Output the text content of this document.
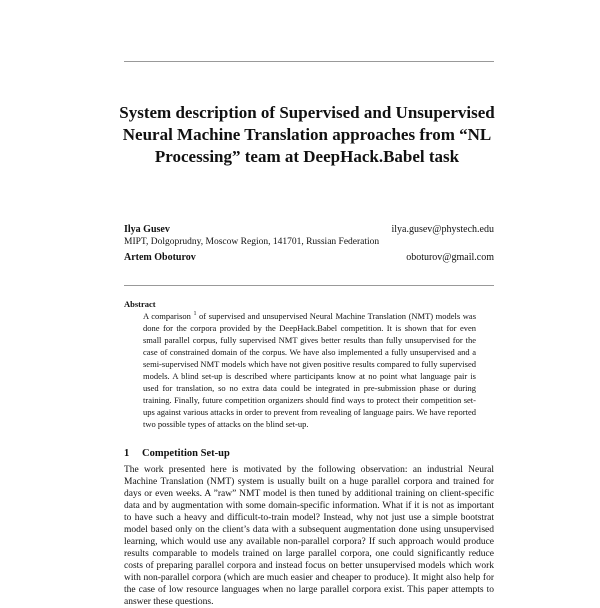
System description of Supervised and Unsupervised Neural Machine Translation approaches from “NL Processing” team at DeepHack.Babel task
Ilya Gusev	ilya.gusev@phystech.edu
MIPT, Dolgoprudny, Moscow Region, 141701, Russian Federation
Artem Oboturov	oboturov@gmail.com
Abstract
A comparison $^1$ of supervised and unsupervised Neural Machine Translation (NMT) models was done for the corpora provided by the DeepHack.Babel competition. It is shown that for even small parallel corpus, fully supervised NMT gives better results than fully unsupervised for the case of constrained domain of the corpus. We have also implemented a fully unsupervised and a semi-supervised NMT models which have not given positive results compared to fully supervised models. A blind set-up is described where participants know at no point what language pair is used for translation, so no extra data could be integrated in pre-submission phase or during training. Finally, future competition organizers should find ways to protect their competition set-ups against various attacks in order to prevent from revealing of language pairs. We have reported two possible types of attacks on the blind set-up.
1 Competition Set-up
The work presented here is motivated by the following observation: an industrial Neural Machine Translation (NMT) system is usually built on a huge parallel corpora and trained for days or even weeks. A ”raw” NMT model is then tuned by additional training on client-specific data and by augmentation with some domain-specific information. What if it is not as important to have such a heavy and difficult-to-train model? Instead, why not just use a simple bootstrat model based only on the client’s data with a subsequent augmentation done using unsupervised learning, which would use any available non-parallel corpora? If such approach would produce results comparable to models trained on large parallel corpora, one could significantly reduce costs of preparing parallel corpora and instead focus on better unsupervised models which work with non-parallel corpora (which are much easier and cheaper to produce). It might also help for the case of low resource languages when no large parallel corpora exist. This paper attempts to answer these questions.
